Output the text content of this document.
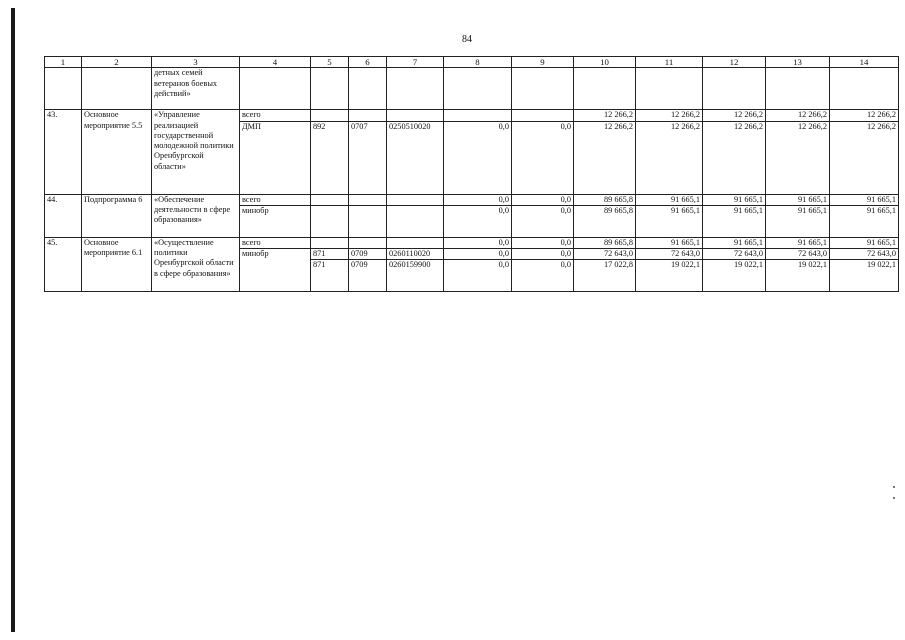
84
1	2	3	4	5	6	7	8	9	10	11	12	13	14
		детных семей ветеранов боевых действий»											
43.	Основное мероприятие 5.5	«Управление реализацией государственной молодежной политики Оренбургской области»	всего						12 266,2	12 266,2	12 266,2	12 266,2	12 266,2
			ДМП	892	0707	0250510020	0,0	0,0	12 266,2	12 266,2	12 266,2	12 266,2	12 266,2
44.	Подпрограмма 6	«Обеспечение деятельности в сфере образования»	всего				0,0	0,0	89 665,8	91 665,1	91 665,1	91 665,1	91 665,1
			минобр				0,0	0,0	89 665,8	91 665,1	91 665,1	91 665,1	91 665,1
45.	Основное мероприятие 6.1	«Осуществление политики Оренбургской области в сфере образования»	всего				0,0	0,0	89 665,8	91 665,1	91 665,1	91 665,1	91 665,1
			минобр	871	0709	0260110020	0,0	0,0	72 643,0	72 643,0	72 643,0	72 643,0	72 643,0
				871	0709	0260159900	0,0	0,0	17 022,8	19 022,1	19 022,1	19 022,1	19 022,1
